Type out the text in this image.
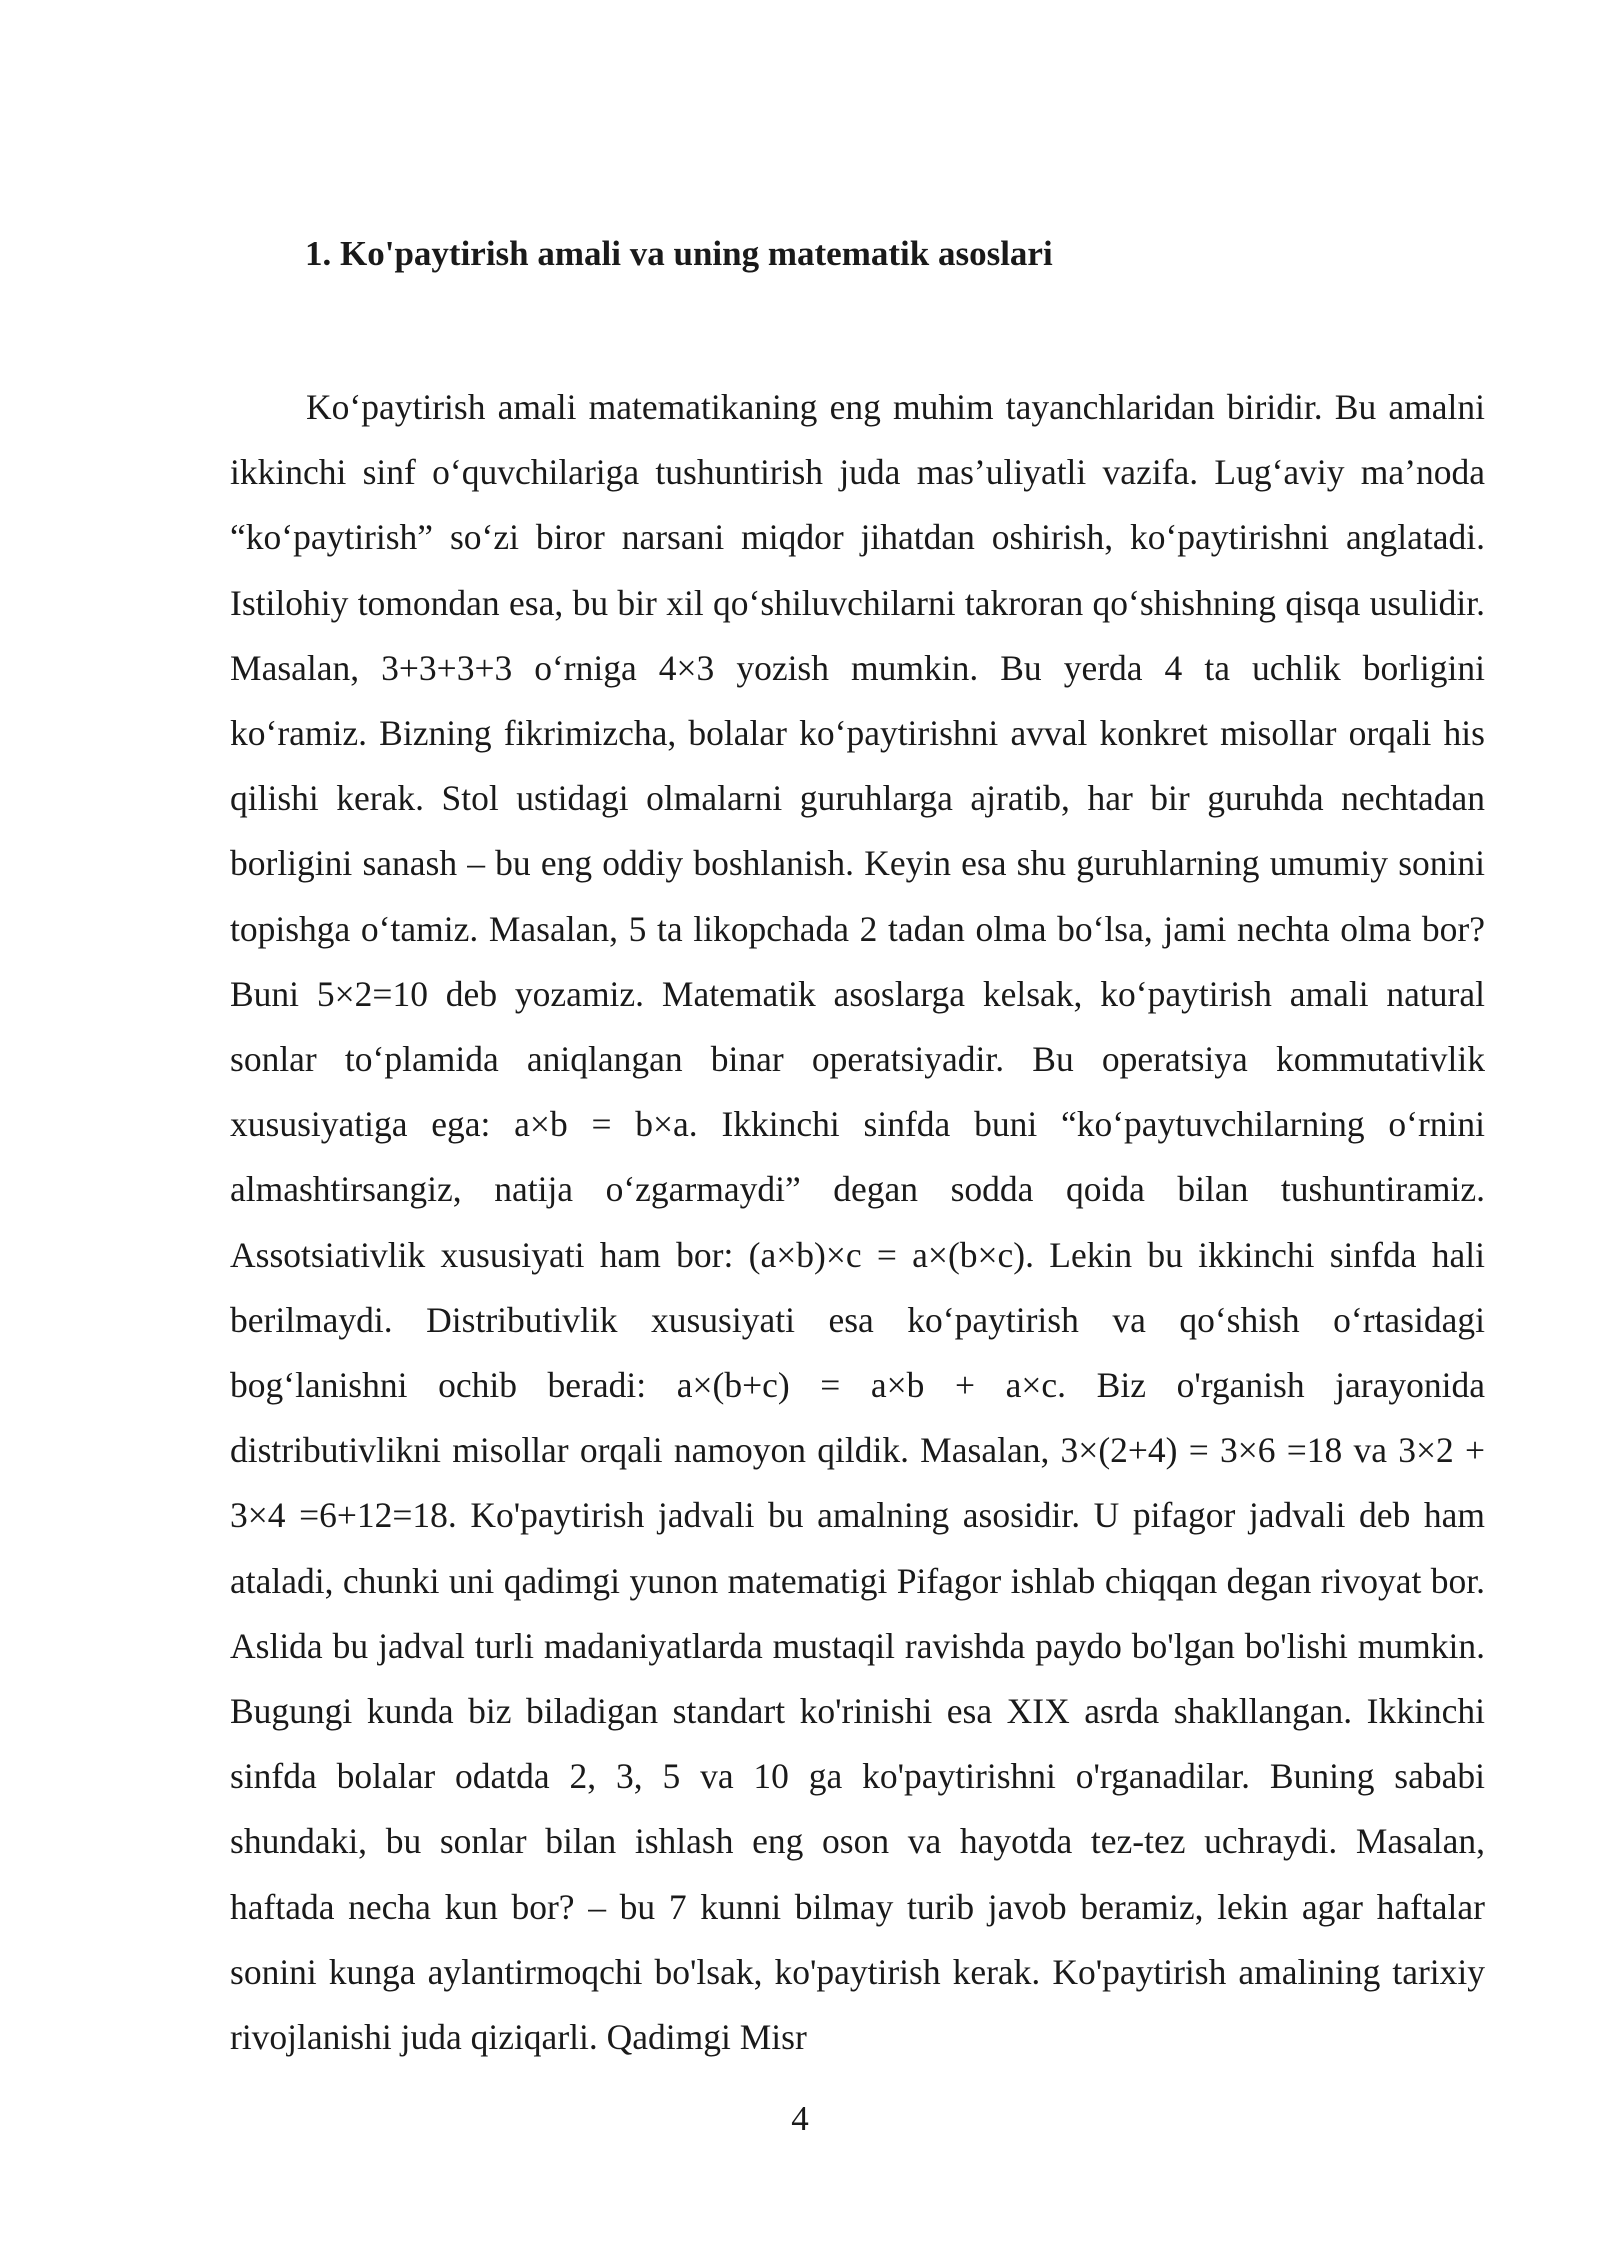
1. Ko'paytirish amali va uning matematik asoslari

Ko‘paytirish amali matematikaning eng muhim tayanchlaridan biridir. Bu amalni ikkinchi sinf o‘quvchilariga tushuntirish juda mas’uliyatli vazifa. Lug‘aviy ma’noda “ko‘paytirish” so‘zi biror narsani miqdor jihatdan oshirish, ko‘paytirishni anglatadi. Istilohiy tomondan esa, bu bir xil qo‘shiluvchilarni takroran qo‘shishning qisqa usulidir. Masalan, 3+3+3+3 o‘rniga 4×3 yozish mumkin. Bu yerda 4 ta uchlik borligini ko‘ramiz. Bizning fikrimizcha, bolalar ko‘paytirishni avval konkret misollar orqali his qilishi kerak. Stol ustidagi olmalarni guruhlarga ajratib, har bir guruhda nechtadan borligini sanash – bu eng oddiy boshlanish. Keyin esa shu guruhlarning umumiy sonini topishga o‘tamiz. Masalan, 5 ta likopchada 2 tadan olma bo‘lsa, jami nechta olma bor? Buni 5×2=10 deb yozamiz. Matematik asoslarga kelsak, ko‘paytirish amali natural sonlar to‘plamida aniqlangan binar operatsiyadir. Bu operatsiya kommutativlik xususiyatiga ega: a×b = b×a. Ikkinchi sinfda buni “ko‘paytuvchilarning o‘rnini almashtirsangiz, natija o‘zgarmaydi” degan sodda qoida bilan tushuntiramiz. Assotsiativlik xususiyati ham bor: (a×b)×c = a×(b×c). Lekin bu ikkinchi sinfda hali berilmaydi. Distributivlik xususiyati esa ko‘paytirish va qo‘shish o‘rtasidagi bog‘lanishni ochib beradi: a×(b+c) = a×b + a×c. Biz o'rganish jarayonida distributivlikni misollar orqali namoyon qildik. Masalan, 3×(2+4) = 3×6 =18 va 3×2 + 3×4 =6+12=18. Ko'paytirish jadvali bu amalning asosidir. U pifagor jadvali deb ham ataladi, chunki uni qadimgi yunon matematigi Pifagor ishlab chiqqan degan rivoyat bor. Aslida bu jadval turli madaniyatlarda mustaqil ravishda paydo bo'lgan bo'lishi mumkin. Bugungi kunda biz biladigan standart ko'rinishi esa XIX asrda shakllangan. Ikkinchi sinfda bolalar odatda 2, 3, 5 va 10 ga ko'paytirishni o'rganadilar. Buning sababi shundaki, bu sonlar bilan ishlash eng oson va hayotda tez-tez uchraydi. Masalan, haftada necha kun bor? – bu 7 kunni bilmay turib javob beramiz, lekin agar haftalar sonini kunga aylantirmoqchi bo'lsak, ko'paytirish kerak. Ko'paytirish amalining tarixiy rivojlanishi juda qiziqarli. Qadimgi Misr

4
